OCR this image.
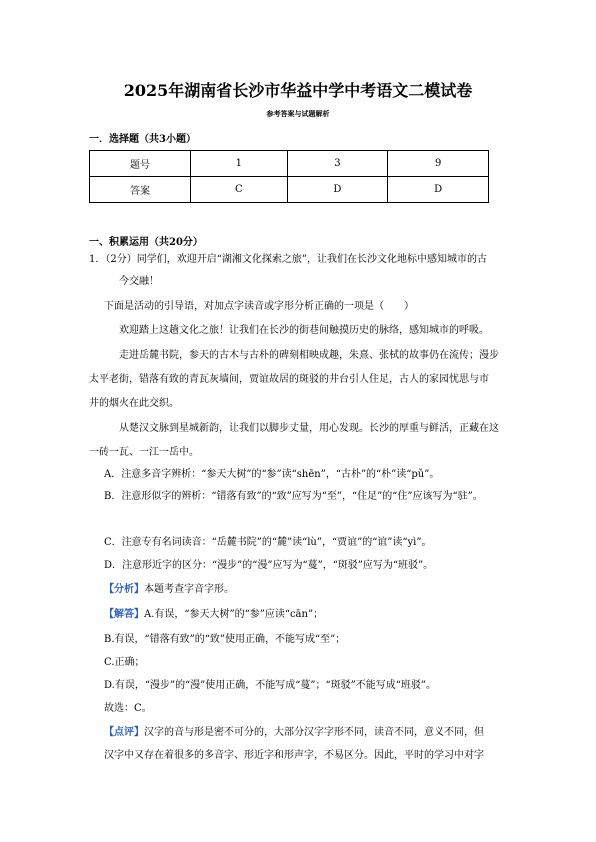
2025年湖南省长沙市华益中学中考语文二模试卷
参考答案与试题解析
一．选择题（共3小题）
题号	1	3	9
答案	C	D	D
一、积累运用（共20分）
1．（2分）同学们，欢迎开启“湖湘文化探索之旅”，让我们在长沙文化地标中感知城市的古
今交融！
下面是活动的引导语，对加点字读音或字形分析正确的一项是（　　）
欢迎踏上这趟文化之旅！让我们在长沙的街巷间触摸历史的脉络，感知城市的呼吸。
走进岳麓书院，参天的古木与古朴的碑刻相映成趣，朱熹、张栻的故事仍在流传；漫步
太平老街，错落有致的青瓦灰墙间，贾谊故居的斑驳的井台引人住足，古人的家园忧思与市
井的烟火在此交织。
从楚汉文脉到星城新韵，让我们以脚步丈量，用心发现。长沙的厚重与鲜活，正藏在这
一砖一瓦、一江一岳中。
A．注意多音字辨析：“参天大树”的“参”读“shēn”，“古朴”的“朴”读“pǔ”。
B．注意形似字的辨析：“错落有致”的“致”应写为“至”，“住足”的“住”应该写为“驻”。
C．注意专有名词读音：“岳麓书院”的“麓”读“lù”，“贾谊”的“谊”读“yì”。
D．注意形近字的区分：“漫步”的“漫”应写为“蔓”，“斑驳”应写为“班驳”。
【分析】本题考查字音字形。
【解答】A.有误，“参天大树”的“参”应读“cān”；
B.有误，“错落有致”的“致”使用正确，不能写成“至”；
C.正确；
D.有误，“漫步”的“漫”使用正确，不能写成“蔓”；“斑驳”不能写成“班驳”。
故选：C。
【点评】汉字的音与形是密不可分的，大部分汉字字形不同，读音不同，意义不同，但
汉字中又存在着很多的多音字、形近字和形声字，不易区分。因此，平时的学习中对字
